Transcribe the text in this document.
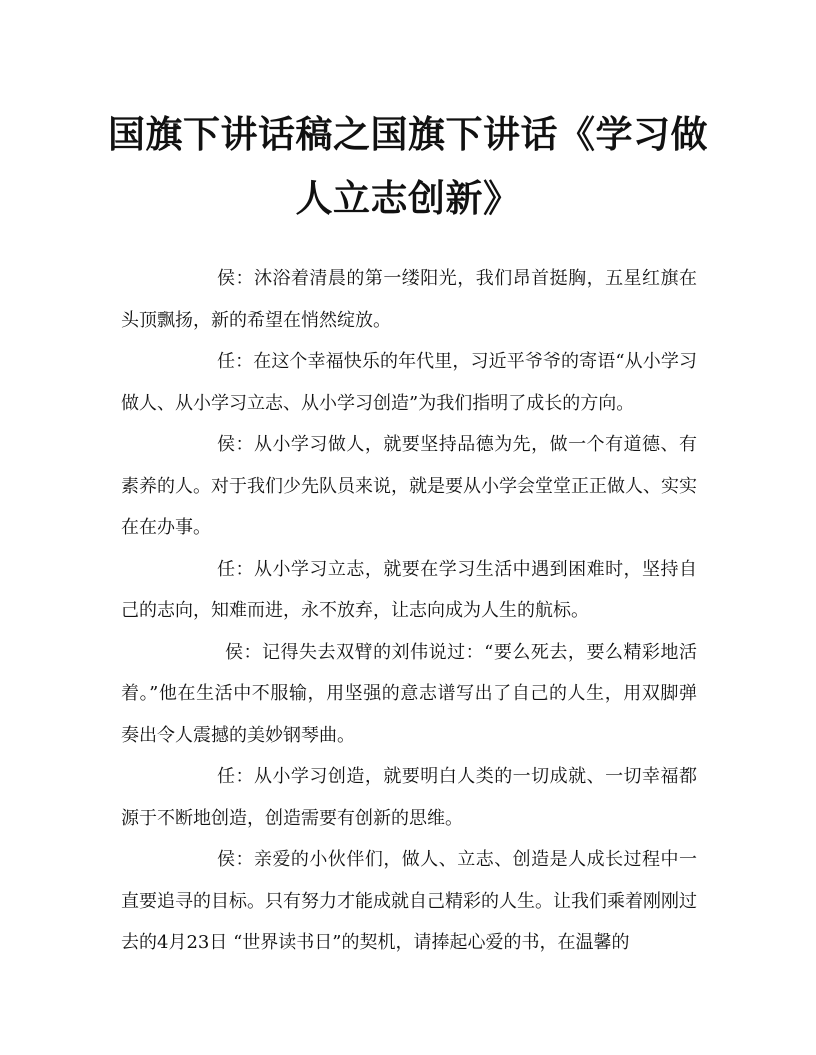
国旗下讲话稿之国旗下讲话《学习做人立志创新》

侯：沐浴着清晨的第一缕阳光，我们昂首挺胸，五星红旗在头顶飘扬，新的希望在悄然绽放。

任：在这个幸福快乐的年代里，习近平爷爷的寄语“从小学习做人、从小学习立志、从小学习创造”为我们指明了成长的方向。

侯：从小学习做人，就要坚持品德为先，做一个有道德、有素养的人。对于我们少先队员来说，就是要从小学会堂堂正正做人、实实在在办事。

任：从小学习立志，就要在学习生活中遇到困难时，坚持自己的志向，知难而进，永不放弃，让志向成为人生的航标。

侯：记得失去双臂的刘伟说过：“要么死去，要么精彩地活着。”他在生活中不服输，用坚强的意志谱写出了自己的人生，用双脚弹奏出令人震撼的美妙钢琴曲。

任：从小学习创造，就要明白人类的一切成就、一切幸福都源于不断地创造，创造需要有创新的思维。

侯：亲爱的小伙伴们，做人、立志、创造是人成长过程中一直要追寻的目标。只有努力才能成就自己精彩的人生。让我们乘着刚刚过去的4月23日 “世界读书日”的契机，请捧起心爱的书，在温馨的
